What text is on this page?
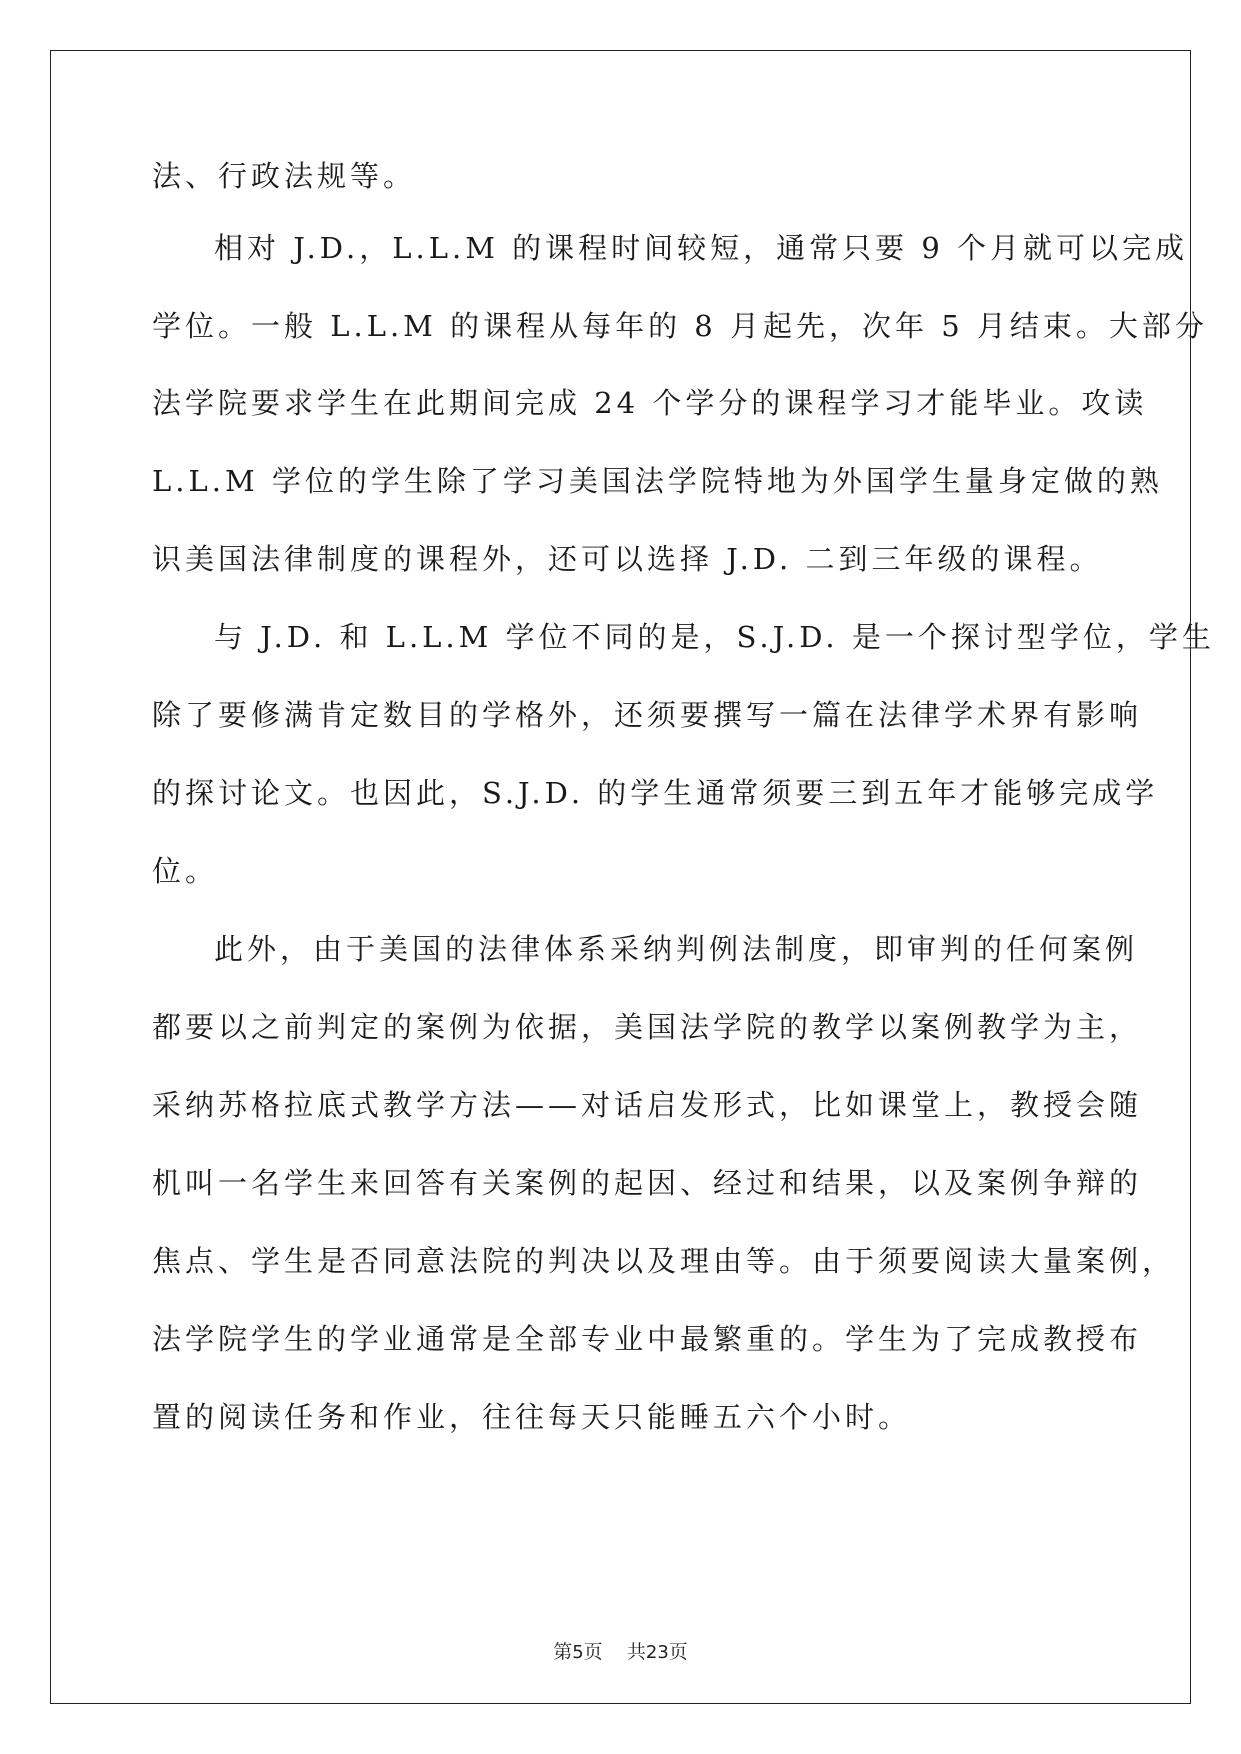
法、行政法规等。
相对 J.D.，L.L.M 的课程时间较短，通常只要 9 个月就可以完成
学位。一般 L.L.M 的课程从每年的 8 月起先，次年 5 月结束。大部分
法学院要求学生在此期间完成 24 个学分的课程学习才能毕业。攻读
L.L.M 学位的学生除了学习美国法学院特地为外国学生量身定做的熟
识美国法律制度的课程外，还可以选择 J.D. 二到三年级的课程。
与 J.D. 和 L.L.M 学位不同的是，S.J.D. 是一个探讨型学位，学生
除了要修满肯定数目的学格外，还须要撰写一篇在法律学术界有影响
的探讨论文。也因此，S.J.D. 的学生通常须要三到五年才能够完成学
位。
此外，由于美国的法律体系采纳判例法制度，即审判的任何案例
都要以之前判定的案例为依据，美国法学院的教学以案例教学为主，
采纳苏格拉底式教学方法——对话启发形式，比如课堂上，教授会随
机叫一名学生来回答有关案例的起因、经过和结果，以及案例争辩的
焦点、学生是否同意法院的判决以及理由等。由于须要阅读大量案例，
法学院学生的学业通常是全部专业中最繁重的。学生为了完成教授布
置的阅读任务和作业，往往每天只能睡五六个小时。
第5页 共23页
